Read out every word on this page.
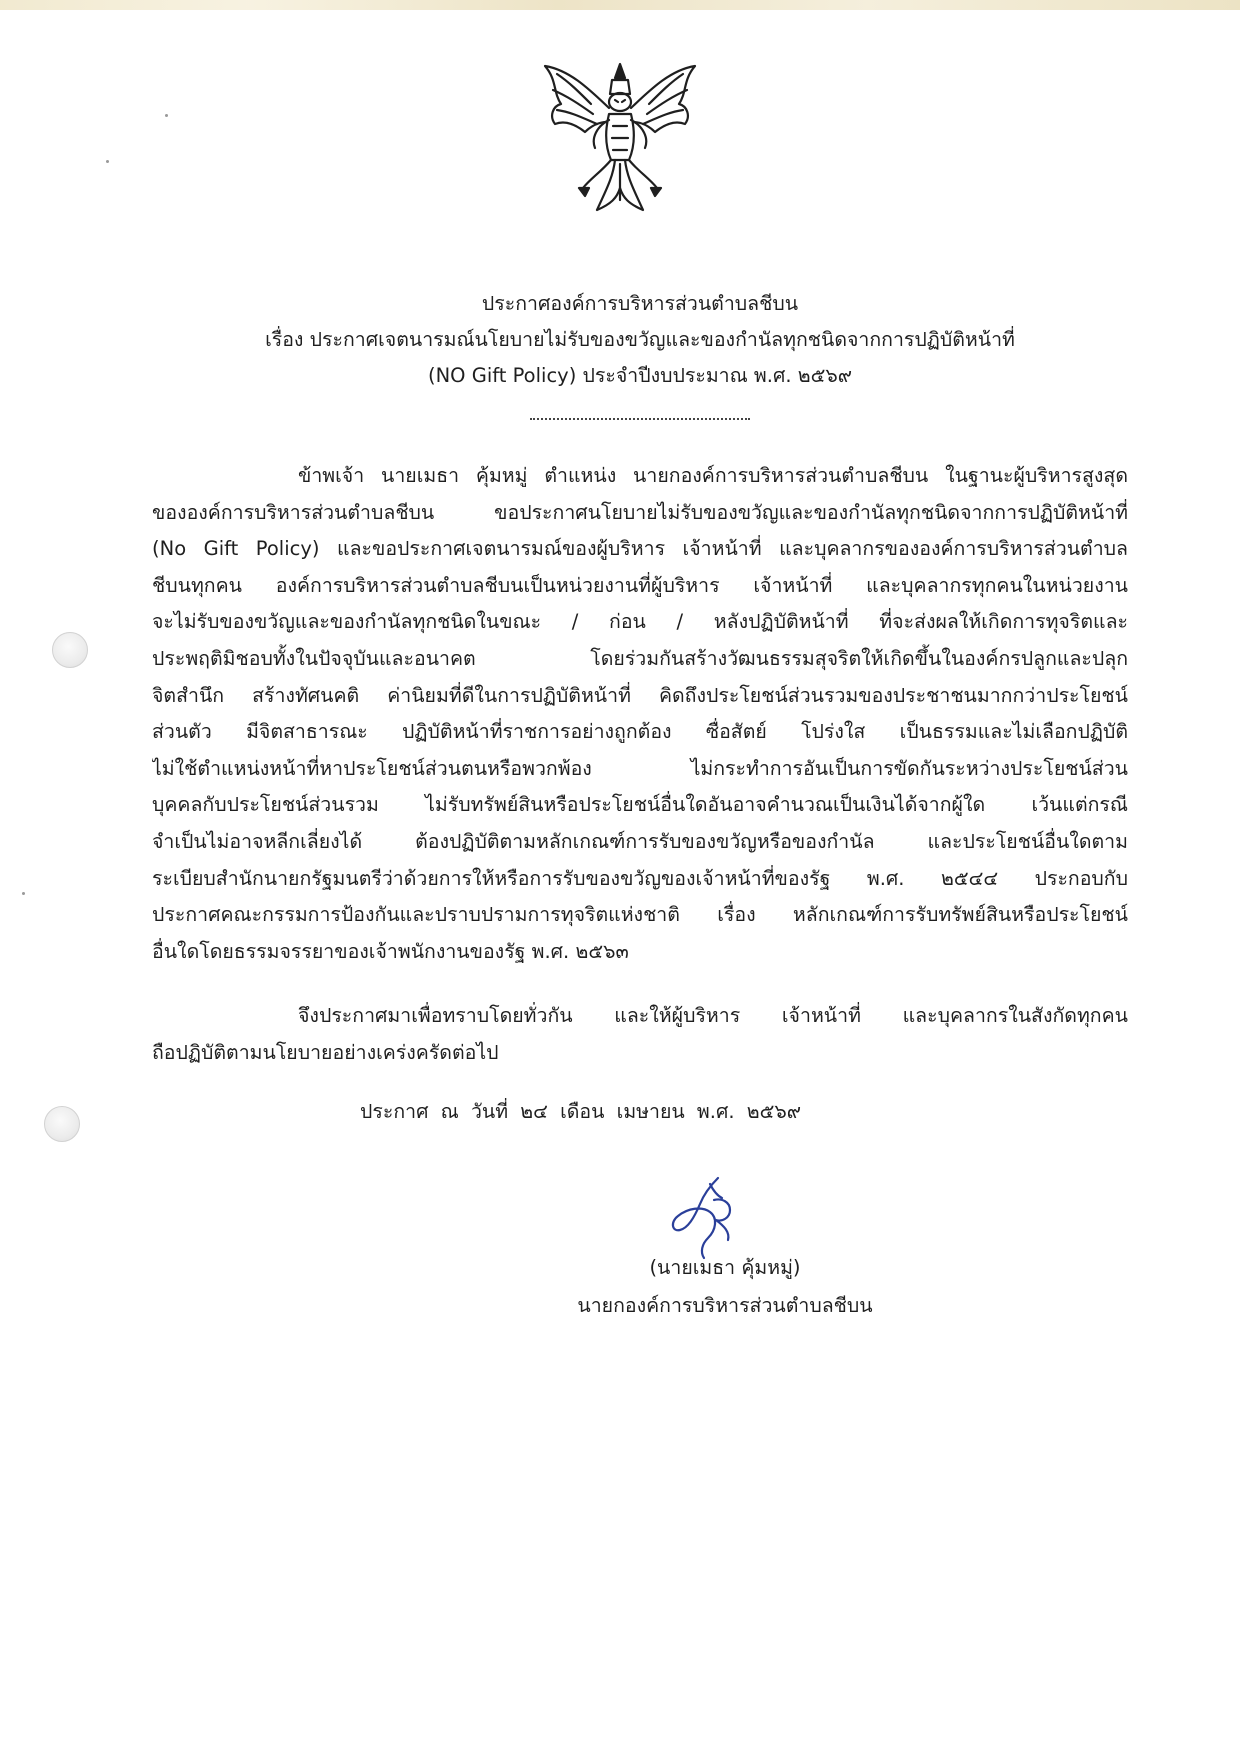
ประกาศองค์การบริหารส่วนตำบลชีบน
เรื่อง ประกาศเจตนารมณ์นโยบายไม่รับของขวัญและของกำนัลทุกชนิดจากการปฏิบัติหน้าที่
(NO Gift Policy) ประจำปีงบประมาณ พ.ศ. ๒๕๖๙
ข้าพเจ้า นายเมธา คุ้มหมู่ ตำแหน่ง นายกองค์การบริหารส่วนตำบลชีบน ในฐานะผู้บริหารสูงสุด
ขององค์การบริหารส่วนตำบลชีบน ขอประกาศนโยบายไม่รับของขวัญและของกำนัลทุกชนิดจากการปฏิบัติหน้าที่
(No Gift Policy) และขอประกาศเจตนารมณ์ของผู้บริหาร เจ้าหน้าที่ และบุคลากรขององค์การบริหารส่วนตำบล
ชีบนทุกคน องค์การบริหารส่วนตำบลชีบนเป็นหน่วยงานที่ผู้บริหาร เจ้าหน้าที่ และบุคลากรทุกคนในหน่วยงาน
จะไม่รับของขวัญและของกำนัลทุกชนิดในขณะ / ก่อน / หลังปฏิบัติหน้าที่ ที่จะส่งผลให้เกิดการทุจริตและ
ประพฤติมิชอบทั้งในปัจจุบันและอนาคต โดยร่วมกันสร้างวัฒนธรรมสุจริตให้เกิดขึ้นในองค์กรปลูกและปลุก
จิตสำนึก สร้างทัศนคติ ค่านิยมที่ดีในการปฏิบัติหน้าที่ คิดถึงประโยชน์ส่วนรวมของประชาชนมากกว่าประโยชน์
ส่วนตัว มีจิตสาธารณะ ปฏิบัติหน้าที่ราชการอย่างถูกต้อง ซื่อสัตย์ โปร่งใส เป็นธรรมและไม่เลือกปฏิบัติ
ไม่ใช้ตำแหน่งหน้าที่หาประโยชน์ส่วนตนหรือพวกพ้อง ไม่กระทำการอันเป็นการขัดกันระหว่างประโยชน์ส่วน
บุคคลกับประโยชน์ส่วนรวม ไม่รับทรัพย์สินหรือประโยชน์อื่นใดอันอาจคำนวณเป็นเงินได้จากผู้ใด เว้นแต่กรณี
จำเป็นไม่อาจหลีกเลี่ยงได้ ต้องปฏิบัติตามหลักเกณฑ์การรับของขวัญหรือของกำนัล และประโยชน์อื่นใดตาม
ระเบียบสำนักนายกรัฐมนตรีว่าด้วยการให้หรือการรับของขวัญของเจ้าหน้าที่ของรัฐ พ.ศ. ๒๕๔๔ ประกอบกับ
ประกาศคณะกรรมการป้องกันและปราบปรามการทุจริตแห่งชาติ เรื่อง หลักเกณฑ์การรับทรัพย์สินหรือประโยชน์
อื่นใดโดยธรรมจรรยาของเจ้าพนักงานของรัฐ พ.ศ. ๒๕๖๓
จึงประกาศมาเพื่อทราบโดยทั่วกัน และให้ผู้บริหาร เจ้าหน้าที่ และบุคลากรในสังกัดทุกคน
ถือปฏิบัติตามนโยบายอย่างเคร่งครัดต่อไป
ประกาศ ณ วันที่ ๒๔ เดือน เมษายน พ.ศ. ๒๕๖๙
(นายเมธา คุ้มหมู่)
นายกองค์การบริหารส่วนตำบลชีบน
